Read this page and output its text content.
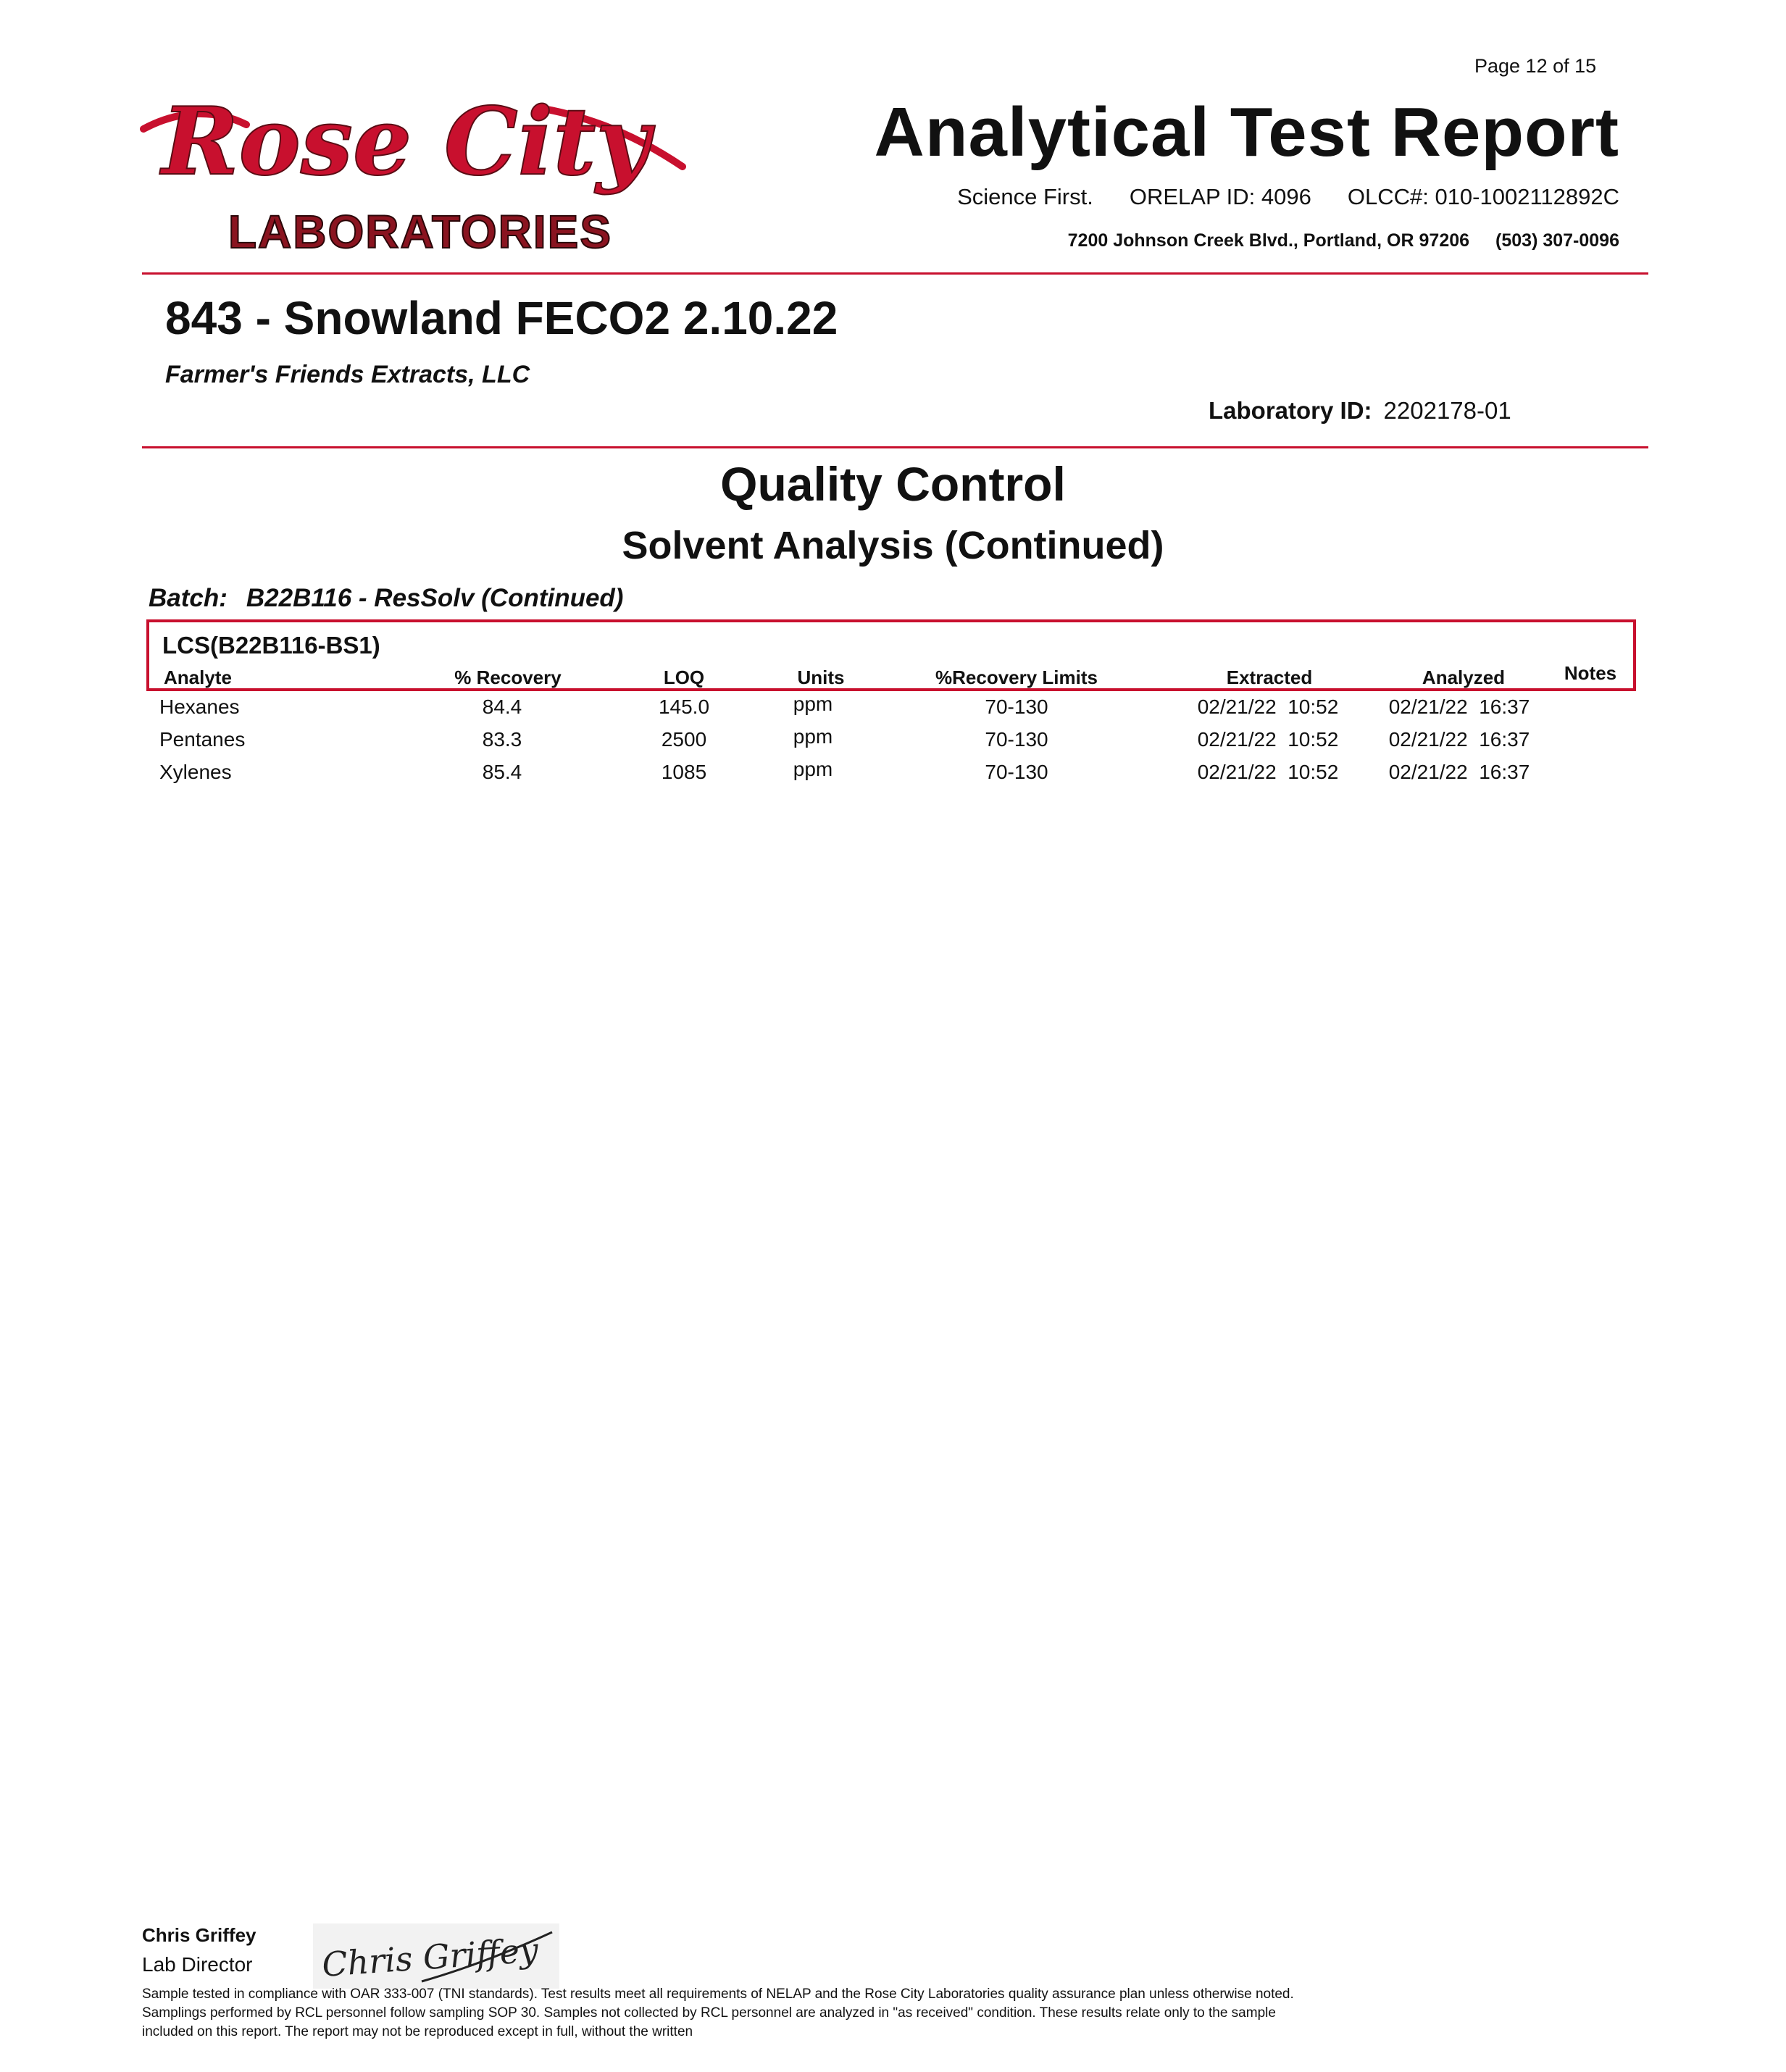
Page 12 of 15
Rose City
LABORATORIES
Analytical Test Report
Science First. ORELAP ID: 4096 OLCC#: 010-1002112892C
7200 Johnson Creek Blvd., Portland, OR 97206 (503) 307-0096
843 - Snowland FECO2 2.10.22
Farmer's Friends Extracts, LLC
Laboratory ID: 2202178-01
Quality Control
Solvent Analysis (Continued)
Batch: B22B116 - ResSolv (Continued)
LCS(B22B116-BS1)
Analyte	% Recovery	LOQ	Units	%Recovery Limits	Extracted	Analyzed	Notes
Hexanes	84.4	145.0	ppm	70-130	02/21/22  10:52 02/21/22  16:37
Pentanes	83.3	2500	ppm	70-130	02/21/22  10:52 02/21/22  16:37
Xylenes	85.4	1085	ppm	70-130	02/21/22  10:52 02/21/22  16:37
Chris Griffey
Lab Director Chris Griffey
Sample tested in compliance with OAR 333-007 (TNI standards). Test results meet all requirements of NELAP and the Rose City Laboratories quality assurance plan unless otherwise noted. Samplings performed by RCL personnel follow sampling SOP 30. Samples not collected by RCL personnel are analyzed in "as received" condition. These results relate only to the sample included on this report. The report may not be reproduced except in full, without the written
